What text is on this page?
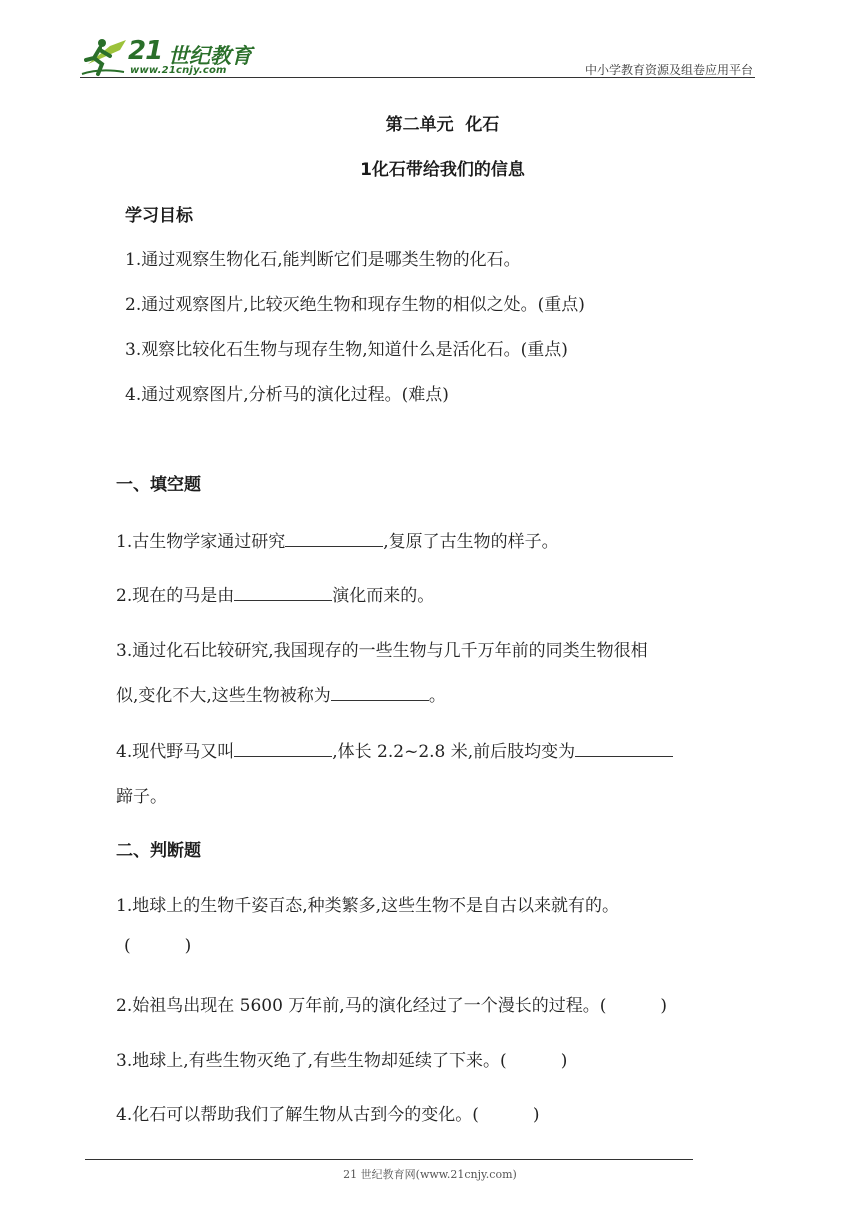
21 世纪教育
www.21cnjy.com	中小学教育资源及组卷应用平台
第二单元  化石
1化石带给我们的信息
学习目标
1.通过观察生物化石,能判断它们是哪类生物的化石。
2.通过观察图片,比较灭绝生物和现存生物的相似之处。(重点)
3.观察比较化石生物与现存生物,知道什么是活化石。(重点)
4.通过观察图片,分析马的演化过程。(难点)
一、填空题
1.古生物学家通过研究	,复原了古生物的样子。
2.现在的马是由	演化而来的。
3.通过化石比较研究,我国现存的一些生物与几千万年前的同类生物很相
似,变化不大,这些生物被称为	。
4.现代野马又叫	,体长 2.2~2.8 米,前后肢均变为
蹄子。
二、判断题
1.地球上的生物千姿百态,种类繁多,这些生物不是自古以来就有的。
(          )
2.始祖鸟出现在 5600 万年前,马的演化经过了一个漫长的过程。(          )
3.地球上,有些生物灭绝了,有些生物却延续了下来。(          )
4.化石可以帮助我们了解生物从古到今的变化。(          )
21 世纪教育网(www.21cnjy.com)
